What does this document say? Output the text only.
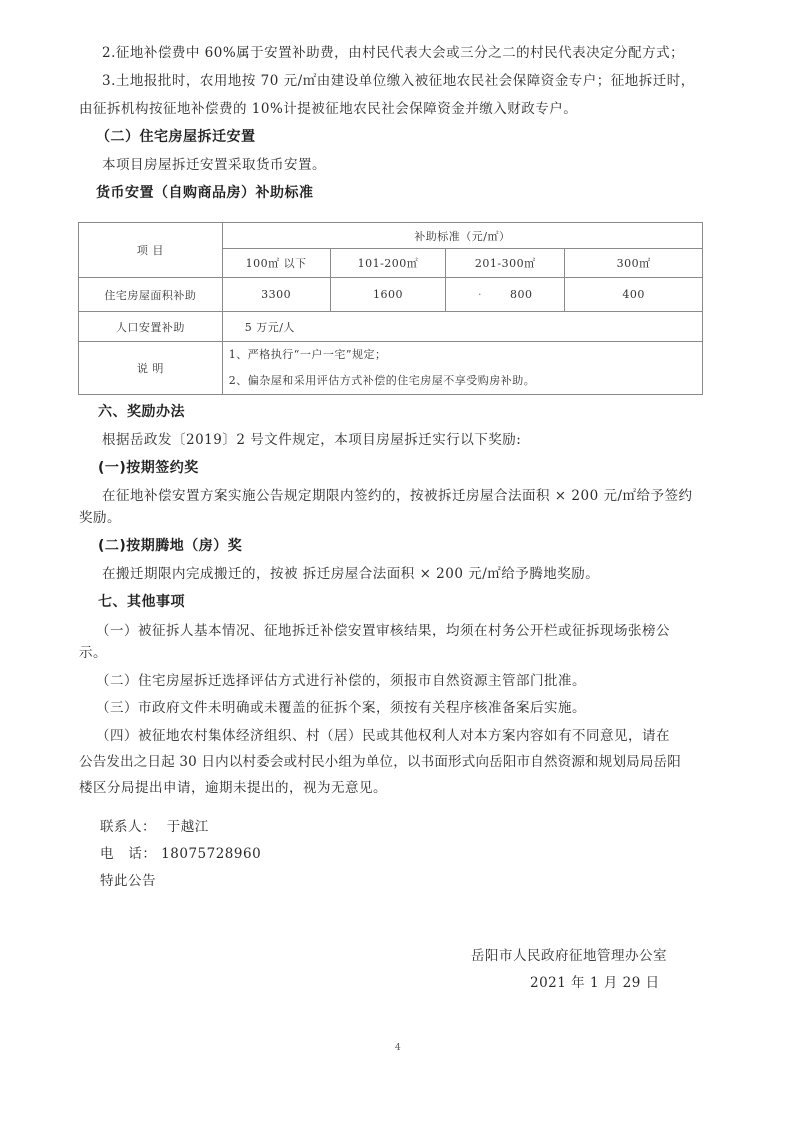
2.征地补偿费中 60%属于安置补助费，由村民代表大会或三分之二的村民代表决定分配方式；
3.土地报批时，农用地按 70 元/㎡由建设单位缴入被征地农民社会保障资金专户；征地拆迁时，
由征拆机构按征地补偿费的 10%计提被征地农民社会保障资金并缴入财政专户。
（二）住宅房屋拆迁安置
本项目房屋拆迁安置采取货币安置。
货币安置（自购商品房）补助标准
项 目	补助标准（元/㎡）			
	100㎡ 以下	101-200㎡	201-300㎡	300㎡
住宅房屋面积补助	3300	1600	· 800	400
人口安置补助	5 万元/人			
说 明	1、严格执行“一户一宅”规定；
2、偏杂屋和采用评估方式补偿的住宅房屋不享受购房补助。			
六、奖励办法
根据岳政发〔2019〕2 号文件规定，本项目房屋拆迁实行以下奖励:
(一)按期签约奖
在征地补偿安置方案实施公告规定期限内签约的，按被拆迁房屋合法面积 × 200 元/㎡给予签约
奖励。
(二)按期腾地（房）奖
在搬迁期限内完成搬迁的，按被 拆迁房屋合法面积 × 200 元/㎡给予腾地奖励。
七、其他事项
（一）被征拆人基本情况、征地拆迁补偿安置审核结果，均须在村务公开栏或征拆现场张榜公
示。
（二）住宅房屋拆迁选择评估方式进行补偿的，须报市自然资源主管部门批准。
（三）市政府文件未明确或未覆盖的征拆个案，须按有关程序核准备案后实施。
（四）被征地农村集体经济组织、村（居）民或其他权利人对本方案内容如有不同意见，请在
公告发出之日起 30 日内以村委会或村民小组为单位，以书面形式向岳阳市自然资源和规划局局岳阳
楼区分局提出申请，逾期未提出的，视为无意见。
联系人： 于越江
电   话： 18075728960
特此公告
岳阳市人民政府征地管理办公室
2021 年 1 月 29 日
4
